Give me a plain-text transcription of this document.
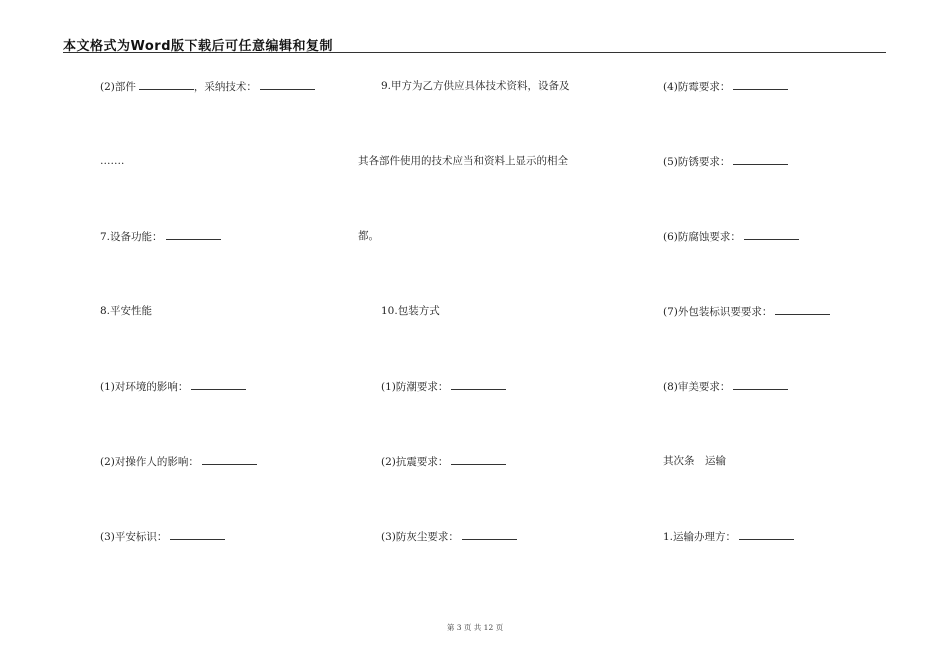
本文格式为Word版下载后可任意编辑和复制
(2)部件	，采纳技术：
…….
7.设备功能：
8.平安性能
(1)对环境的影响：
(2)对操作人的影响：
(3)平安标识：
9.甲方为乙方供应具体技术资料，设备及
其各部件使用的技术应当和资料上显示的相全
都。
10.包装方式
(1)防潮要求：
(2)抗震要求：
(3)防灰尘要求：
(4)防霉要求：
(5)防锈要求：
(6)防腐蚀要求：
(7)外包装标识要要求：
(8)审美要求：
其次条　运输
1.运输办理方：
第 3 页 共 12 页
